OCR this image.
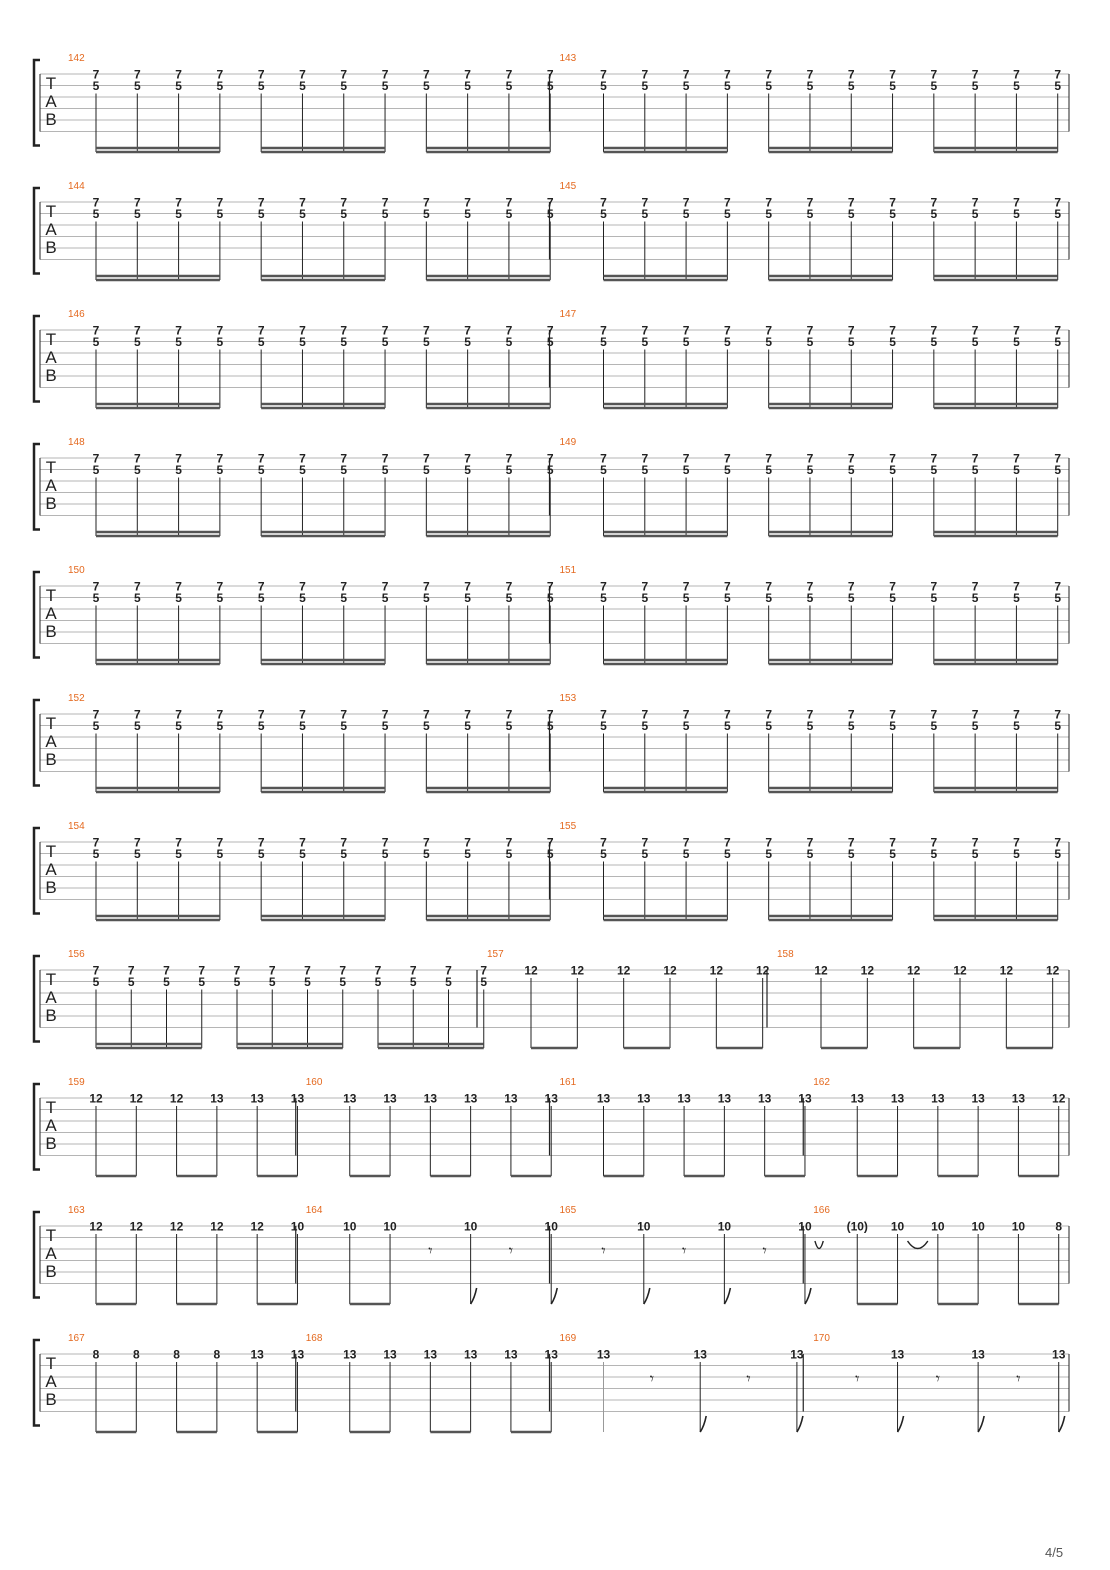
T
A
B
142
7
5
7
5
7
5
7
5
7
5
7
5
7
5
7
5
7
5
7
5
7
5
7
5
143
7
5
7
5
7
5
7
5
7
5
7
5
7
5
7
5
7
5
7
5
7
5
7
5
T
A
B
144
7
5
7
5
7
5
7
5
7
5
7
5
7
5
7
5
7
5
7
5
7
5
7
5
145
7
5
7
5
7
5
7
5
7
5
7
5
7
5
7
5
7
5
7
5
7
5
7
5
T
A
B
146
7
5
7
5
7
5
7
5
7
5
7
5
7
5
7
5
7
5
7
5
7
5
7
5
147
7
5
7
5
7
5
7
5
7
5
7
5
7
5
7
5
7
5
7
5
7
5
7
5
T
A
B
148
7
5
7
5
7
5
7
5
7
5
7
5
7
5
7
5
7
5
7
5
7
5
7
5
149
7
5
7
5
7
5
7
5
7
5
7
5
7
5
7
5
7
5
7
5
7
5
7
5
T
A
B
150
7
5
7
5
7
5
7
5
7
5
7
5
7
5
7
5
7
5
7
5
7
5
7
5
151
7
5
7
5
7
5
7
5
7
5
7
5
7
5
7
5
7
5
7
5
7
5
7
5
T
A
B
152
7
5
7
5
7
5
7
5
7
5
7
5
7
5
7
5
7
5
7
5
7
5
7
5
153
7
5
7
5
7
5
7
5
7
5
7
5
7
5
7
5
7
5
7
5
7
5
7
5
T
A
B
154
7
5
7
5
7
5
7
5
7
5
7
5
7
5
7
5
7
5
7
5
7
5
7
5
155
7
5
7
5
7
5
7
5
7
5
7
5
7
5
7
5
7
5
7
5
7
5
7
5
T
A
B
156
7
5
7
5
7
5
7
5
7
5
7
5
7
5
7
5
7
5
7
5
7
5
7
5
157
12	12	12	12	12	12
158
12	12	12	12	12	12
T
A
B
159
12 12 12 13 13 13
160
13 13 13 13 13 13
161
13 13 13 13 13 13
162
13 13 13 13 13 12
T
A
B
163
12 12 12 12 12 10
164
10 10
𝄾
10
𝄾
10
165
𝄾
10
𝄾
10
𝄾
10
166
(10) 10 10 10 10	8
T
A
B
167
8	8	8	8	13 13
168
13 13 13 13 13 13
169
13
𝄾
13
𝄾
13
170
𝄾
13
𝄾
13
𝄾
13
4/5
